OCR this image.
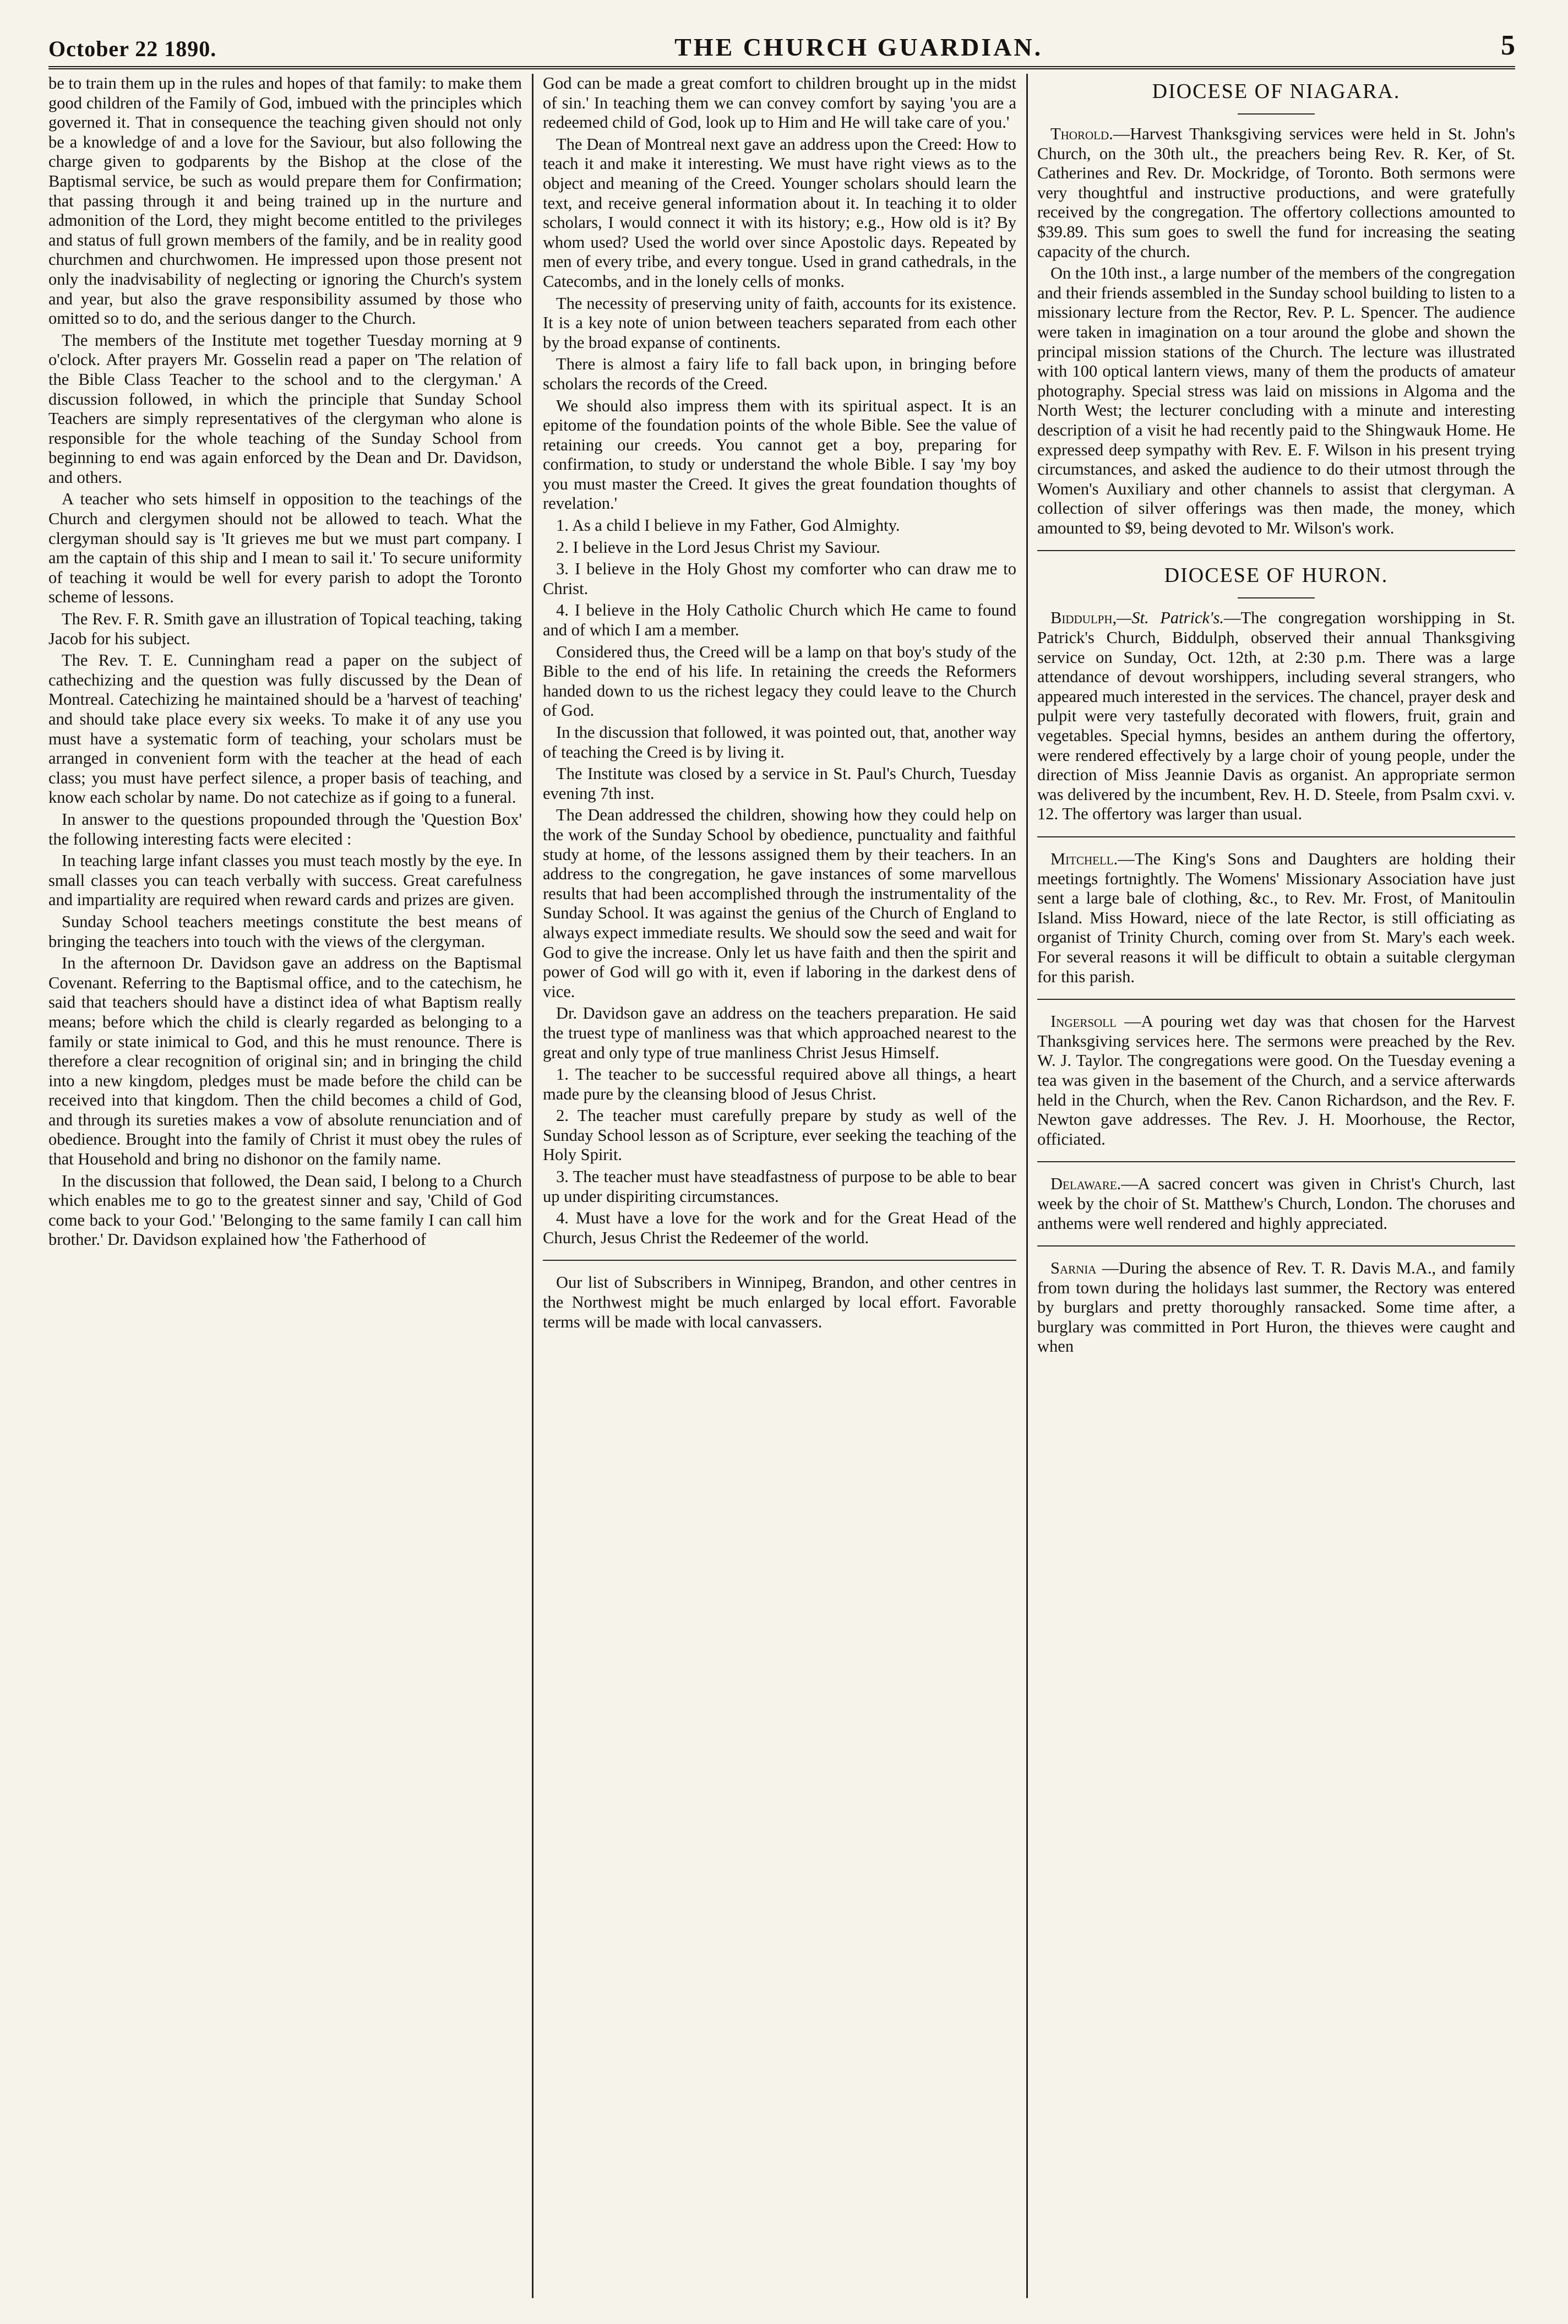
October 22 1890.	THE CHURCH GUARDIAN.	5

be to train them up in the rules and hopes of that family: to make them good children of the Family of God, imbued with the principles which governed it. That in consequence the teaching given should not only be a knowledge of and a love for the Saviour, but also following the charge given to godparents by the Bishop at the close of the Baptismal service, be such as would prepare them for Confirmation; that passing through it and being trained up in the nurture and admonition of the Lord, they might become entitled to the privileges and status of full grown members of the family, and be in reality good churchmen and churchwomen. He impressed upon those present not only the inadvisability of neglecting or ignoring the Church's system and year, but also the grave responsibility assumed by those who omitted so to do, and the serious danger to the Church.

The members of the Institute met together Tuesday morning at 9 o'clock. After prayers Mr. Gosselin read a paper on 'The relation of the Bible Class Teacher to the school and to the clergyman.' A discussion followed, in which the principle that Sunday School Teachers are simply representatives of the clergyman who alone is responsible for the whole teaching of the Sunday School from beginning to end was again enforced by the Dean and Dr. Davidson, and others.

A teacher who sets himself in opposition to the teachings of the Church and clergymen should not be allowed to teach. What the clergyman should say is 'It grieves me but we must part company. I am the captain of this ship and I mean to sail it.' To secure uniformity of teaching it would be well for every parish to adopt the Toronto scheme of lessons.

The Rev. F. R. Smith gave an illustration of Topical teaching, taking Jacob for his subject.

The Rev. T. E. Cunningham read a paper on the subject of cathechizing and the question was fully discussed by the Dean of Montreal. Catechizing he maintained should be a 'harvest of teaching' and should take place every six weeks. To make it of any use you must have a systematic form of teaching, your scholars must be arranged in convenient form with the teacher at the head of each class; you must have perfect silence, a proper basis of teaching, and know each scholar by name. Do not catechize as if going to a funeral.

In answer to the questions propounded through the 'Question Box' the following interesting facts were elecited :

In teaching large infant classes you must teach mostly by the eye. In small classes you can teach verbally with success. Great carefulness and impartiality are required when reward cards and prizes are given.

Sunday School teachers meetings constitute the best means of bringing the teachers into touch with the views of the clergyman.

In the afternoon Dr. Davidson gave an address on the Baptismal Covenant. Referring to the Baptismal office, and to the catechism, he said that teachers should have a distinct idea of what Baptism really means; before which the child is clearly regarded as belonging to a family or state inimical to God, and this he must renounce. There is therefore a clear recognition of original sin; and in bringing the child into a new kingdom, pledges must be made before the child can be received into that kingdom. Then the child becomes a child of God, and through its sureties makes a vow of absolute renunciation and of obedience. Brought into the family of Christ it must obey the rules of that Household and bring no dishonor on the family name.

In the discussion that followed, the Dean said, I belong to a Church which enables me to go to the greatest sinner and say, 'Child of God come back to your God.' 'Belonging to the same family I can call him brother.' Dr. Davidson explained how 'the Fatherhood of

God can be made a great comfort to children brought up in the midst of sin.' In teaching them we can convey comfort by saying 'you are a redeemed child of God, look up to Him and He will take care of you.'

The Dean of Montreal next gave an address upon the Creed: How to teach it and make it interesting. We must have right views as to the object and meaning of the Creed. Younger scholars should learn the text, and receive general information about it. In teaching it to older scholars, I would connect it with its history; e.g., How old is it? By whom used? Used the world over since Apostolic days. Repeated by men of every tribe, and every tongue. Used in grand cathedrals, in the Catecombs, and in the lonely cells of monks.

The necessity of preserving unity of faith, accounts for its existence. It is a key note of union between teachers separated from each other by the broad expanse of continents.

There is almost a fairy life to fall back upon, in bringing before scholars the records of the Creed.

We should also impress them with its spiritual aspect. It is an epitome of the foundation points of the whole Bible. See the value of retaining our creeds. You cannot get a boy, preparing for confirmation, to study or understand the whole Bible. I say 'my boy you must master the Creed. It gives the great foundation thoughts of revelation.'

1. As a child I believe in my Father, God Almighty.

2. I believe in the Lord Jesus Christ my Saviour.

3. I believe in the Holy Ghost my comforter who can draw me to Christ.

4. I believe in the Holy Catholic Church which He came to found and of which I am a member.

Considered thus, the Creed will be a lamp on that boy's study of the Bible to the end of his life. In retaining the creeds the Reformers handed down to us the richest legacy they could leave to the Church of God.

In the discussion that followed, it was pointed out, that, another way of teaching the Creed is by living it.

The Institute was closed by a service in St. Paul's Church, Tuesday evening 7th inst.

The Dean addressed the children, showing how they could help on the work of the Sunday School by obedience, punctuality and faithful study at home, of the lessons assigned them by their teachers. In an address to the congregation, he gave instances of some marvellous results that had been accomplished through the instrumentality of the Sunday School. It was against the genius of the Church of England to always expect immediate results. We should sow the seed and wait for God to give the increase. Only let us have faith and then the spirit and power of God will go with it, even if laboring in the darkest dens of vice.

Dr. Davidson gave an address on the teachers preparation. He said the truest type of manliness was that which approached nearest to the great and only type of true manliness Christ Jesus Himself.

1. The teacher to be successful required above all things, a heart made pure by the cleansing blood of Jesus Christ.

2. The teacher must carefully prepare by study as well of the Sunday School lesson as of Scripture, ever seeking the teaching of the Holy Spirit.

3. The teacher must have steadfastness of purpose to be able to bear up under dispiriting circumstances.

4. Must have a love for the work and for the Great Head of the Church, Jesus Christ the Redeemer of the world.

Our list of Subscribers in Winnipeg, Brandon, and other centres in the Northwest might be much enlarged by local effort. Favorable terms will be made with local canvassers.

DIOCESE OF NIAGARA.

Thorold.—Harvest Thanksgiving services were held in St. John's Church, on the 30th ult., the preachers being Rev. R. Ker, of St. Catherines and Rev. Dr. Mockridge, of Toronto. Both sermons were very thoughtful and instructive productions, and were gratefully received by the congregation. The offertory collections amounted to $39.89. This sum goes to swell the fund for increasing the seating capacity of the church.

On the 10th inst., a large number of the members of the congregation and their friends assembled in the Sunday school building to listen to a missionary lecture from the Rector, Rev. P. L. Spencer. The audience were taken in imagination on a tour around the globe and shown the principal mission stations of the Church. The lecture was illustrated with 100 optical lantern views, many of them the products of amateur photography. Special stress was laid on missions in Algoma and the North West; the lecturer concluding with a minute and interesting description of a visit he had recently paid to the Shingwauk Home. He expressed deep sympathy with Rev. E. F. Wilson in his present trying circumstances, and asked the audience to do their utmost through the Women's Auxiliary and other channels to assist that clergyman. A collection of silver offerings was then made, the money, which amounted to $9, being devoted to Mr. Wilson's work.

DIOCESE OF HURON.

Biddulph,—St. Patrick's.—The congregation worshipping in St. Patrick's Church, Biddulph, observed their annual Thanksgiving service on Sunday, Oct. 12th, at 2:30 p.m. There was a large attendance of devout worshippers, including several strangers, who appeared much interested in the services. The chancel, prayer desk and pulpit were very tastefully decorated with flowers, fruit, grain and vegetables. Special hymns, besides an anthem during the offertory, were rendered effectively by a large choir of young people, under the direction of Miss Jeannie Davis as organist. An appropriate sermon was delivered by the incumbent, Rev. H. D. Steele, from Psalm cxvi. v. 12. The offertory was larger than usual.

Mitchell.—The King's Sons and Daughters are holding their meetings fortnightly. The Womens' Missionary Association have just sent a large bale of clothing, &c., to Rev. Mr. Frost, of Manitoulin Island. Miss Howard, niece of the late Rector, is still officiating as organist of Trinity Church, coming over from St. Mary's each week. For several reasons it will be difficult to obtain a suitable clergyman for this parish.

Ingersoll —A pouring wet day was that chosen for the Harvest Thanksgiving services here. The sermons were preached by the Rev. W. J. Taylor. The congregations were good. On the Tuesday evening a tea was given in the basement of the Church, and a service afterwards held in the Church, when the Rev. Canon Richardson, and the Rev. F. Newton gave addresses. The Rev. J. H. Moorhouse, the Rector, officiated.

Delaware.—A sacred concert was given in Christ's Church, last week by the choir of St. Matthew's Church, London. The choruses and anthems were well rendered and highly appreciated.

Sarnia —During the absence of Rev. T. R. Davis M.A., and family from town during the holidays last summer, the Rectory was entered by burglars and pretty thoroughly ransacked. Some time after, a burglary was committed in Port Huron, the thieves were caught and when
